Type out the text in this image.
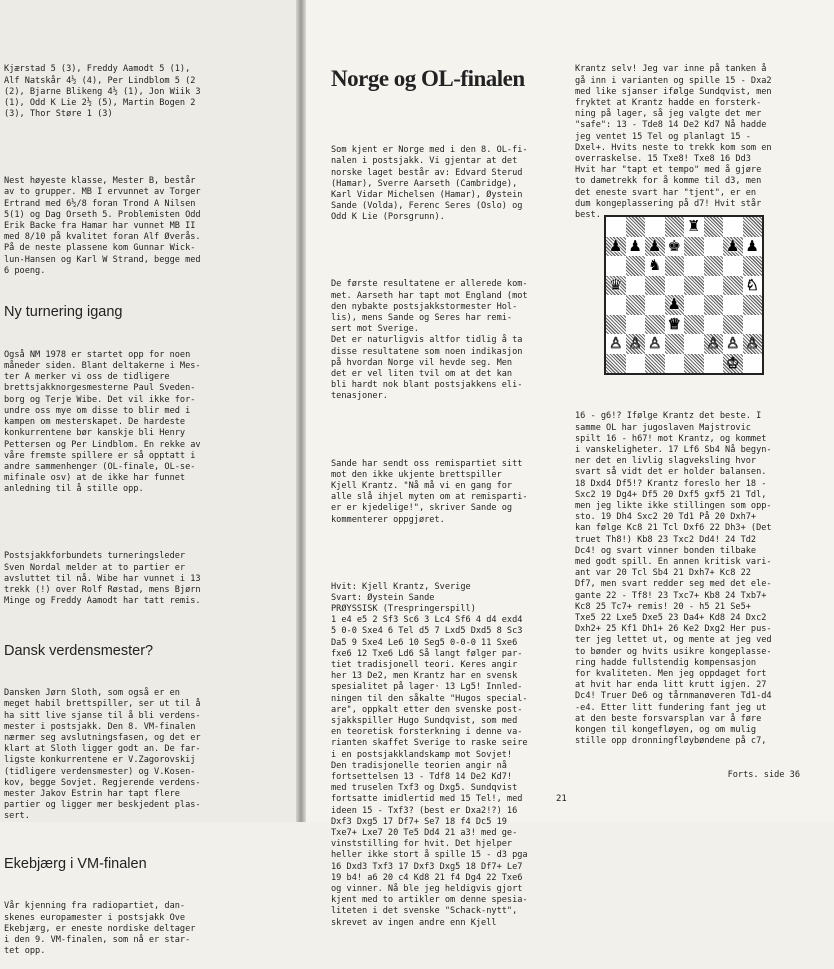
Kjærstad 5 (3), Freddy Aamodt 5 (1),

Alf Natskår 4½ (4), Per Lindblom 5 (2

(2), Bjarne Blikeng 4½ (1), Jon Wiik 3

(1), Odd K Lie 2½ (5), Martin Bogen 2

(3), Thor Støre 1 (3)

Nest høyeste klasse, Mester B, består

av to grupper. MB I ervunnet av Torger

Ertrand med 6½/8 foran Trond A Nilsen

5(1) og Dag Orseth 5. Problemisten Odd

Erik Backe fra Hamar har vunnet MB II

med 8/10 på kvalitet foran Alf Øverås.

På de neste plassene kom Gunnar Wick-

lun-Hansen og Karl W Strand, begge med

6 poeng.

Ny turnering igang

Også NM 1978 er startet opp for noen

måneder siden. Blant deltakerne i Mes-

ter A merker vi oss de tidligere

brettsjakknorgesmesterne Paul Sveden-

borg og Terje Wibe. Det vil ikke for-

undre oss mye om disse to blir med i

kampen om mesterskapet. De hardeste

konkurrentene bør kanskje bli Henry

Pettersen og Per Lindblom. En rekke av

våre fremste spillere er så opptatt i

andre sammenhenger (OL-finale, OL-se-

mifinale osv) at de ikke har funnet

anledning til å stille opp.

Postsjakkforbundets turneringsleder

Sven Nordal melder at to partier er

avsluttet til nå. Wibe har vunnet i 13

trekk (!) over Rolf Røstad, mens Bjørn

Minge og Freddy Aamodt har tatt remis.

Dansk verdensmester?

Dansken Jørn Sloth, som også er en

meget habil brettspiller, ser ut til å

ha sitt live sjanse til å bli verdens-

mester i postsjakk. Den 8. VM-finalen

nærmer seg avslutningsfasen, og det er

klart at Sloth ligger godt an. De far-

ligste konkurrentene er V.Zagorovskij

(tidligere verdensmester) og V.Kosen-

kov, begge Sovjet. Regjerende verdens-

mester Jakov Estrin har tapt flere

partier og ligger mer beskjedent plas-

sert.

Ekebjærg i VM-finalen

Vår kjenning fra radiopartiet, dan-

skenes europamester i postsjakk Ove

Ekebjærg, er eneste nordiske deltager

i den 9. VM-finalen, som nå er star-

tet opp.

Norge og OL-finalen

Som kjent er Norge med i den 8. OL-fi-

nalen i postsjakk. Vi gjentar at det

norske laget består av: Edvard Sterud

(Hamar), Sverre Aarseth (Cambridge),

Karl Vidar Michelsen (Hamar), Øystein

Sande (Volda), Ferenc Seres (Oslo) og

Odd K Lie (Porsgrunn).

De første resultatene er allerede kom-

met. Aarseth har tapt mot England (mot

den nybakte postsjakkstormester Hol-

lis), mens Sande og Seres har remi-

sert mot Sverige.

Det er naturligvis altfor tidlig å ta

disse resultatene som noen indikasjon

på hvordan Norge vil hevde seg. Men

det er vel liten tvil om at det kan

bli hardt nok blant postsjakkens eli-

tenasjoner.

Sande har sendt oss remispartiet sitt

mot den ikke ukjente brettspiller

Kjell Krantz. "Nå må vi en gang for

alle slå ihjel myten om at remisparti-

er er kjedelige!", skriver Sande og

kommenterer oppgjøret.

Hvit: Kjell Krantz, Sverige

Svart: Øystein Sande

PRØYSSISK (Trespringerspill)

1 e4 e5 2 Sf3 Sc6 3 Lc4 Sf6 4 d4 exd4

5 0-0 Sxe4 6 Tel d5 7 Lxd5 Dxd5 8 Sc3

Da5 9 Sxe4 Le6 10 Seg5 0-0-0 11 Sxe6

fxe6 12 Txe6 Ld6 Så langt følger par-

tiet tradisjonell teori. Keres angir

her 13 De2, men Krantz har en svensk

spesialitet på lager· 13 Lg5! Innled-

ningen til den såkalte "Hugos special-

are", oppkalt etter den svenske post-

sjakkspiller Hugo Sundqvist, som med

en teoretisk forsterkning i denne va-

rianten skaffet Sverige to raske seire

i en postsjakklandskamp mot Sovjet!

Den tradisjonelle teorien angir nå

fortsettelsen 13 - Tdf8 14 De2 Kd7!

med truselen Txf3 og Dxg5. Sundqvist

fortsatte imidlertid med 15 Tel!, med

ideen 15 - Txf3? (best er Dxa2!?) 16

Dxf3 Dxg5 17 Df7+ Se7 18 f4 Dc5 19

Txe7+ Lxe7 20 Te5 Dd4 21 a3! med ge-

vinststilling for hvit. Det hjelper

heller ikke stort å spille 15 - d3 pga

16 Dxd3 Txf3 17 Dxf3 Dxg5 18 Df7+ Le7

19 b4! a6 20 c4 Kd8 21 f4 Dg4 22 Txe6

og vinner. Nå ble jeg heldigvis gjort

kjent med to artikler om denne spesia-

liteten i det svenske "Schack-nytt",

skrevet av ingen andre enn Kjell

Krantz selv! Jeg var inne på tanken å

gå inn i varianten og spille 15 - Dxa2

med like sjanser ifølge Sundqvist, men

fryktet at Krantz hadde en forsterk-

ning på lager, så jeg valgte det mer

"safe": 13 - Tde8 14 De2 Kd7 Nå hadde

jeg ventet 15 Tel og planlagt 15 -

Dxel+. Hvits neste to trekk kom som en

overraskelse. 15 Txe8! Txe8 16 Dd3

Hvit har "tapt et tempo" med å gjøre

to dametrekk for å komme til d3, men

det eneste svart har "tjent", er en

dum kongeplassering på d7! Hvit står

best.

♜
♟ ♟ ♟ ♚	♟ ♟
♞
♛	♘
♟
♕
♙ ♙ ♙	♙ ♙ ♙
♔

16 - g6!? Ifølge Krantz det beste. I

samme OL har jugoslaven Majstrovic

spilt 16 - h67! mot Krantz, og kommet

i vanskeligheter. 17 Lf6 Sb4 Nå begyn-

ner det en livlig slagveksling hvor

svart så vidt det er holder balansen.

18 Dxd4 Df5!? Krantz foreslo her 18 -

Sxc2 19 Dg4+ Df5 20 Dxf5 gxf5 21 Tdl,

men jeg likte ikke stillingen som opp-

sto. 19 Dh4 Sxc2 20 Td1 På 20 Dxh7+

kan følge Kc8 21 Tcl Dxf6 22 Dh3+ (Det

truet Th8!) Kb8 23 Txc2 Dd4! 24 Td2

Dc4! og svart vinner bonden tilbake

med godt spill. En annen kritisk vari-

ant var 20 Tcl Sb4 21 Dxh7+ Kc8 22

Df7, men svart redder seg med det ele-

gante 22 - Tf8! 23 Txc7+ Kb8 24 Txb7+

Kc8 25 Tc7+ remis! 20 - h5 21 Se5+

Txe5 22 Lxe5 Dxe5 23 Da4+ Kd8 24 Dxc2

Dxh2+ 25 Kf1 Dh1+ 26 Ke2 Dxg2 Her pus-

ter jeg lettet ut, og mente at jeg ved

to bønder og hvits usikre kongeplasse-

ring hadde fullstendig kompensasjon

for kvaliteten. Men jeg oppdaget fort

at hvit har enda litt krutt igjen. 27

Dc4! Truer De6 og tårnmanøveren Td1-d4

-e4. Etter litt fundering fant jeg ut

at den beste forsvarsplan var å føre

kongen til kongefløyen, og om mulig

stille opp dronningfløybøndene på c7,

Forts. side 36

21
